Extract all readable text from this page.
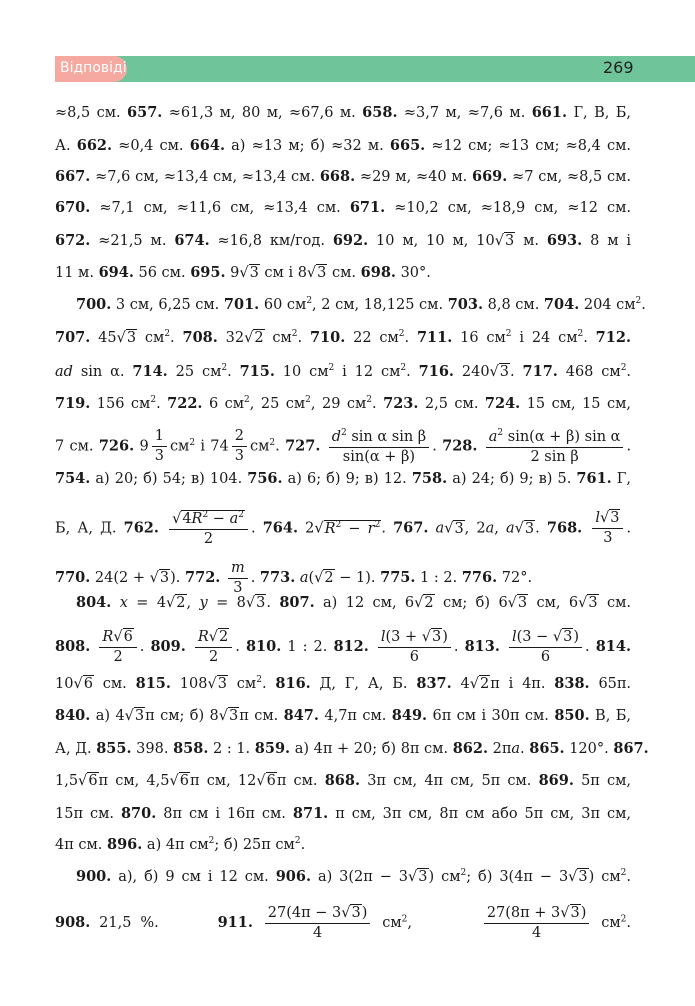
Відповіді	269
≈8,5 см. 657. ≈61,3 м, 80 м, ≈67,6 м. 658. ≈3,7 м, ≈7,6 м. 661. Г, В, Б,
А. 662. ≈0,4 см. 664. а) ≈13 м; б) ≈32 м. 665. ≈12 см; ≈13 см; ≈8,4 см.
667. ≈7,6 см, ≈13,4 см, ≈13,4 см. 668. ≈29 м, ≈40 м. 669. ≈7 см, ≈8,5 см.
670. ≈7,1 см, ≈11,6 см, ≈13,4 см. 671. ≈10,2 см, ≈18,9 см, ≈12 см.
672. ≈21,5 м. 674. ≈16,8 км/год. 692. 10 м, 10 м, 10√3 м. 693. 8 м і
11 м. 694. 56 см. 695. 9√3 см і 8√3 см. 698. 30°.
700. 3 см, 6,25 см. 701. 60 $см^2$, 2 см, 18,125 см. 703. 8,8 см. 704. 204 $см^2$.
707. 45√3 $см^2$. 708. 32√2 $см^2$. 710. 22 $см^2$. 711. 16 $см^2$ і 24 $см^2$. 712.
ad sin α. 714. 25 $см^2$. 715. 10 $см^2$ і 12 $см^2$. 716. 240√3. 717. 468 $см^2$.
719. 156 $см^2$. 722. 6 $см^2$, 25 $см^2$, 29 $см^2$. 723. 2,5 см. 724. 15 см, 15 см,
7 см. 726. $9 \frac{1}{3} см^2$ і $74 \frac{2}{3} см^2$. 727. $\frac{d^2 \sin \alpha \sin \beta}{\sin(\alpha + \beta)}$ . 728. $\frac{a^2 \sin(\alpha + \beta) \sin \alpha}{\text{2 sin β}}$ .
754. а) 20; б) 54; в) 104. 756. а) 6; б) 9; в) 12. 758. а) 24; б) 9; в) 5. 761. Г,
Б, А, Д. 762. $\frac{√4R^2 - a^2}{2}$ . 764. $2√R^2 - r^2$. 767. a√3, 2a, a√3. 768. $\frac{l√3}{3}$ .
770. 24(2 + √3). 772. $\frac{m}{3}$ . 773. a(√2 − 1). 775. 1 : 2. 776. 72°.
804. x = 4√2, y = 8√3. 807. а) 12 см, 6√2 см; б) 6√3 см, 6√3 см.
808. $\frac{R√6}{2}$ . 809. $\frac{R√2}{2}$ . 810. 1 : 2. 812. $\frac{l(3 + √3)}{6}$ . 813. $\frac{l(3 - √3)}{6}$ . 814.
10√6 см. 815. 108√3 $см^2$. 816. Д, Г, А, Б. 837. 4√2π і 4π. 838. 65π.
840. а) 4√3π см; б) 8√3π см. 847. 4,7π см. 849. 6π см і 30π см. 850. В, Б,
А, Д. 855. 398. 858. 2 : 1. 859. а) 4π + 20; б) 8π см. 862. 2πa. 865. 120°. 867.
1,5√6π см, 4,5√6π см, 12√6π см. 868. 3π см, 4π см, 5π см. 869. 5π см,
15π см. 870. 8π см і 16π см. 871. π см, 3π см, 8π см або 5π см, 3π см,
4π см. 896. а) 4π $см^2$; б) 25π $см^2$.
900. а), б) 9 см і 12 см. 906. а) 3(2π − 3√3) $см^2$; б) 3(4π − 3√3) $см^2$.
908. 21,5 %.	911. $\frac{27(4\pi - 3√3)}{4} см^2$,	$\frac{27(8\pi + 3√3)}{4} см^2$.
